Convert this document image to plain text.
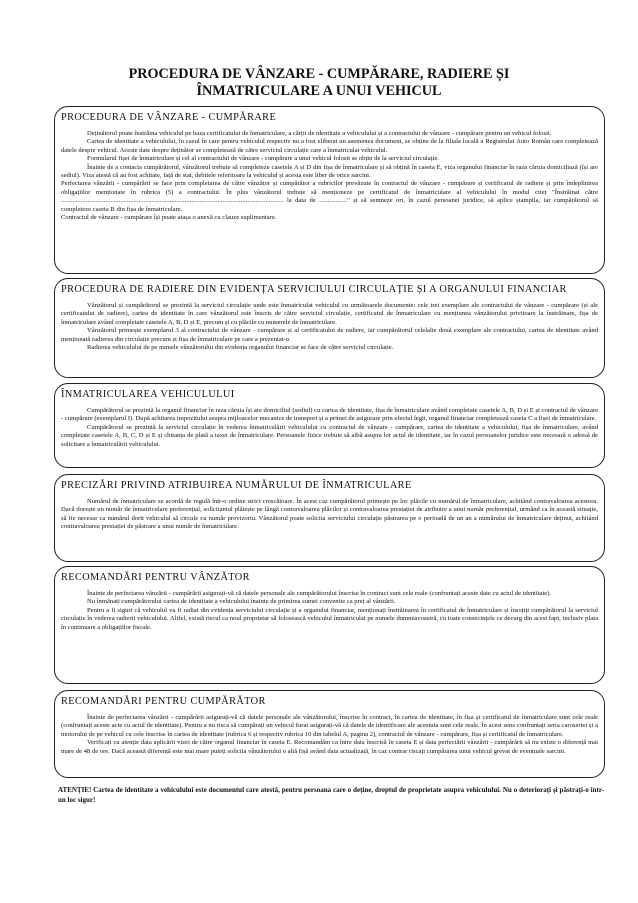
PROCEDURA DE VÂNZARE - CUMPĂRARE, RADIERE ȘI
ÎNMATRICULARE A UNUI VEHICUL
PROCEDURA DE VÂNZARE - CUMPĂRARE

Deținătorul poate înstrăina vehiculul pe baza certificatului de înmatriculare, a cărții de identitate a vehiculului și a contractului de vânzare - cumpărare pentru un vehicul folosit.

Cartea de identitate a vehiculului, în cazul în care pentru vehiculul respectiv nu a fost eliberat un asemenea document, se obține de la filiala locală a Registrului Auto Român care completează datele despre vehicul. Aceste date despre deținător se completează de către serviciul circulație care a înmatriculat vehiculul.

Formularul fișei de înmatriculare și cel al contractului de vânzare - cumpărare a unui vehicul folosit se obțin de la serviciul circulație.

Înainte de a contacta cumpărătorul, vânzătorul trebuie să completeze casetele A și D din fișa de înmatriculare și să obțină în caseta E, viza organului financiar în raza căruia domiciliază (își are sediul). Viza atestă că au fost achitate, față de stat, debitele referitoare la vehiculul și acesta este liber de orice sarcini.

Perfectarea vânzării - cumpărării se face prin completarea de către vânzător și cumpărător a rubricilor prevăzute în contractul de vânzare - cumpărare și certificatul de radiere și prin îndeplinirea obligațiilor menționate în rubrica (5) a contractului. În plus vânzătorul trebuie să menționeze pe certificatul de înmatriculare al vehiculului în modul citeț "Înstrăinat către ....................................................................................................................................... la data de ................." și să semneze ori, în cazul persoanei juridice, să aplice ștampila, iar cumpărătorul să completeze caseta B din fișa de înmatriculare.

Contractul de vânzare - cumpărare își poate atașa o anexă cu clauze suplimentare.

PROCEDURA DE RADIERE DIN EVIDENȚA SERVICIULUI CIRCULAȚIE ȘI A ORGANULUI FINANCIAR

Vânzătorul și cumpărătorul se prezintă la serviciul circulație unde este înmatriculat vehiculul cu următoarele documente: cele trei exemplare ale contractului de vânzare - cumpărare (și ale certificatului de radiere), cartea de identitate în care vânzătorul este înscris de către serviciul circulație, certificatul de înmatriculare cu mențiunea vânzătorului privitoare la înstrăinare, fișa de înmatriculare având completate casetele A, B, D și E, precum și cu plăcile cu numerele de înmatriculare.

Vânzătorul primește exemplarul 3 al contractului de vânzare - cumpărare și al certificatului de radiere, iar cumpărătorul celelalte două exemplare ale contractului, cartea de identitate având menționată radierea din circulație precum și fișa de înmatriculare pe care a prezentat-o.

Radierea vehiculului de pe numele vânzătorului din evidența organului financiar se face de către serviciul circulație.

ÎNMATRICULAREA VEHICULULUI

Cumpărătorul se prezintă la organul financiar în raza căruia își are domiciliul (sediul) cu cartea de identitate, fișa de înmatriculare având completate casetele A, B, D și E și contractul de vânzare - cumpărare (exemplarul I). După achitarea impozitului asupra mijloacelor mecanice de transport și a primei de asigurare prin efectul legii, organul financiar completează caseta C a fișei de înmatriculare.

Cumpărătorul se prezintă la serviciul circulație în vederea înmatriculării vehiculului cu contractul de vânzare - cumpărare, cartea de identitate a vehiculului, fișa de înmatriculare, având completate casetele A, B, C, D și E și chitanța de plată a taxei de înmatriculare. Persoanele fizice trebuie să aibă asupra lor actul de identitate, iar în cazul persoanelor juridice este necesară o adresă de solicitare a înmatriculării vehiculului.

PRECIZĂRI PRIVIND ATRIBUIREA NUMĂRULUI DE ÎNMATRICULARE

Numărul de înmatriculare se acordă de regulă într-o ordine strict crescătoare. În acest caz cumpărătorul primește pe loc plăcile cu numărul de înmatriculare, achitând contravaloarea acestora. Dacă dorește un număr de înmatriculare preferențial, solicitantul plătește pe lângă contravaloarea plăcilor și contravaloarea prestației de atribuire a unui număr preferențial, urmând ca în această situație, să fie necesar ca numărul dorit vehiculul să circule cu număr provizoriu. Vânzătorul poate solicita serviciului circulație păstrarea pe o perioadă de un an a numărului de înmatriculare deținut, achitând contravaloarea prestației de păstrare a unui număr de înmatriculare.

RECOMANDĂRI PENTRU VÂNZĂTOR

Înainte de perfectarea vânzării - cumpărării asigurați-vă că datele personale ale cumpărătorului înscrise în contract sunt cele reale (confruntați aceste date cu actul de identitate).

Nu înmânați cumpărătorului cartea de identitate a vehiculului înainte de primirea sumei convenite ca preț al vânzării.

Pentru a fi siguri că vehiculul va fi radiat din evidența serviciului circulație și a organului financiar, menționați înstrăinarea în certificatul de înmatriculare și însoțiți cumpărătorul la serviciul circulație în vederea radierii vehiculului. Altfel, există riscul ca noul proprietar să folosească vehiculul înmatriculat pe numele dumneavoastră, cu toate consecințele ce decurg din acest fapt, inclusiv plata în continuare a obligațiilor fiscale.

RECOMANDĂRI PENTRU CUMPĂRĂTOR

Înainte de perfectarea vânzării - cumpărării asigurați-vă că datele personale ale vânzătorului, înscrise în contract, în cartea de identitate, în fișa și certificatul de înmatriculare sunt cele reale (confruntați aceste acte cu actul de identitate). Pentru a nu risca să cumpărați un vehicul furat asigurați-vă că datele de identificare ale acestuia sunt cele reale. În acest sens confruntați seria caroseriei și a motorului de pe vehicul cu cele înscrise în cartea de identitate (rubrica 6 și respectiv rubrica 10 din tabelul A, pagina 2), contractul de vânzare - cumpărare, fișa și certificatul de înmatriculare.

Verificați cu atenție data aplicării vizei de către organul financiar în caseta E. Recomandăm ca între data înscrisă în caseta E și data perfectării vânzării - cumpărării să nu existe o diferență mai mare de 48 de ore. Dacă această diferență este mai mare puteți solicita vânzătorului o altă fișă având data actualizată, în caz contrar riscați cumpărarea unui vehicul grevat de eventuale sarcini.

ATENȚIE! Cartea de identitate a vehiculului este documentul care atestă, pentru persoana care o deține, dreptul de proprietate asupra vehiculului. Nu o deteriorați și păstrați-o într-un loc sigur!
